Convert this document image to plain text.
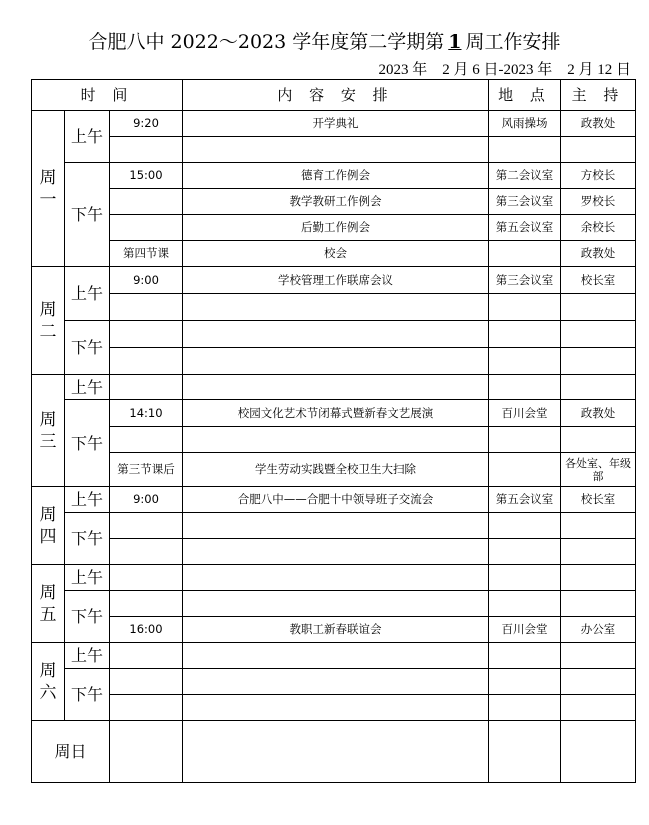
合肥八中 2022～2023 学年度第二学期第 1 周工作安排
2023 年　2 月 6 日-2023 年　2 月 12 日
时 间			内 容 安 排	地 点	主 持

周
一	上午	9:20	开学典礼	风雨操场	政教处

	下午	15:00	德育工作例会	第二会议室	方校长
			教学教研工作例会	第三会议室	罗校长
			后勤工作例会	第五会议室	余校长
		第四节课	校会		政教处

周
二	上午	9:00	学校管理工作联席会议	第三会议室	校长室

	下午				

周
三	上午				
	下午	14:10	校园文化艺术节闭幕式暨新春文艺展演	百川会堂	政教处

		第三节课后	学生劳动实践暨全校卫生大扫除		各处室、年级部

周
四	上午	9:00	合肥八中——合肥十中领导班子交流会	第五会议室	校长室
	下午				

周
五	上午				
	下午				
		16:00	教职工新春联谊会	百川会堂	办公室

周
六	上午				
	下午				

周日					
